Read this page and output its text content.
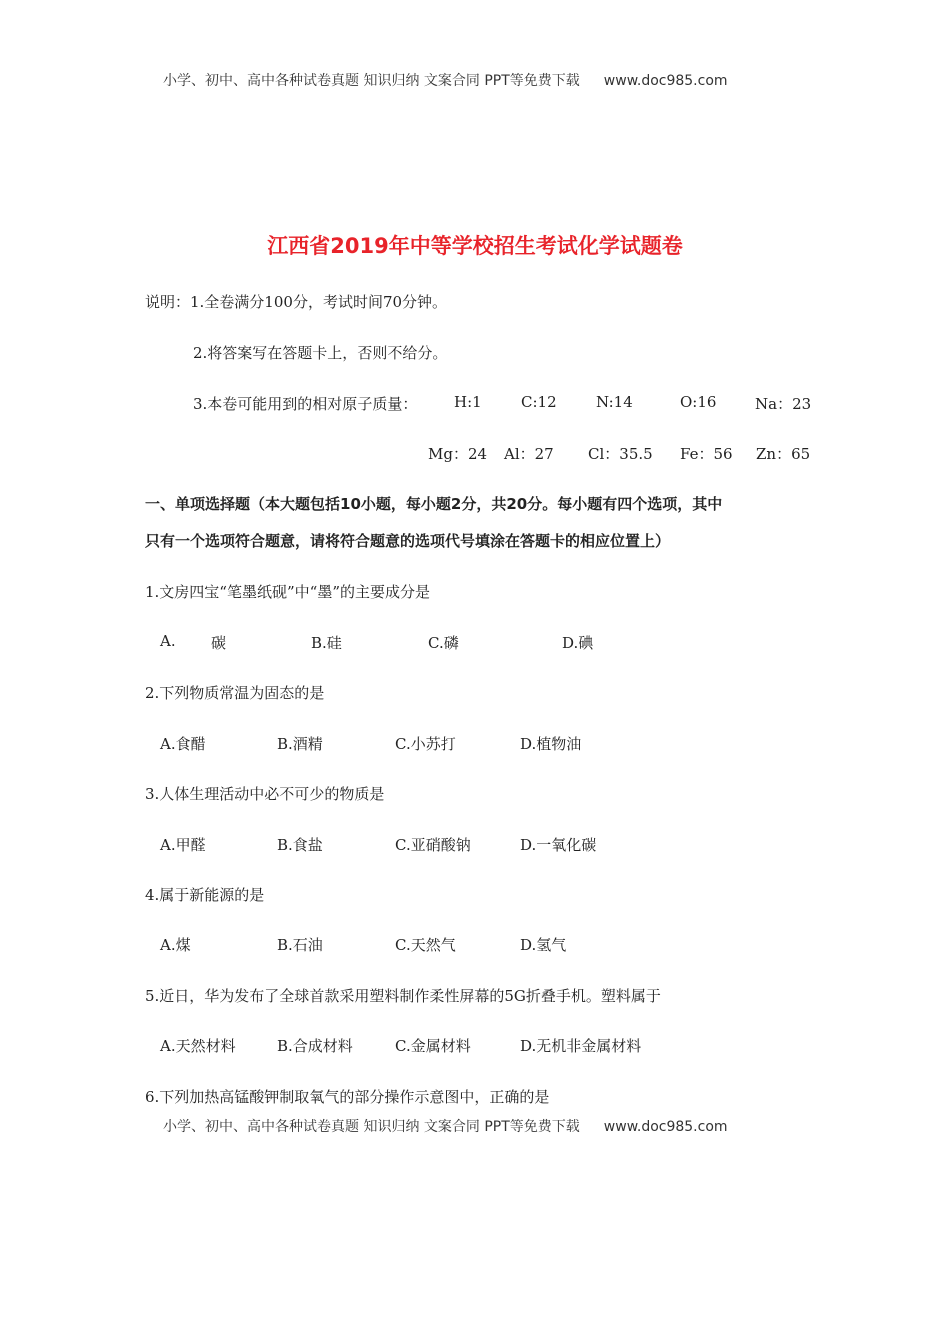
小学、初中、高中各种试卷真题 知识归纳 文案合同 PPT等免费下载 www.doc985.com
江西省2019年中等学校招生考试化学试题卷
说明：1.全卷满分100分，考试时间70分钟。
2.将答案写在答题卡上，否则不给分。
3.本卷可能用到的相对原子质量： H:1	C:12	N:14	O:16	Na：23
Mg：24 Al：27 Cl：35.5 Fe：56 Zn：65
一、单项选择题（本大题包括10小题，每小题2分，共20分。每小题有四个选项，其中
只有一个选项符合题意，请将符合题意的选项代号填涂在答题卡的相应位置上）
1.文房四宝“笔墨纸砚”中“墨”的主要成分是
A. 碳	B.硅	C.磷	D.碘
2.下列物质常温为固态的是
A.食醋	B.酒精	C.小苏打	D.植物油
3.人体生理活动中必不可少的物质是
A.甲醛	B.食盐	C.亚硝酸钠	D.一氧化碳
4.属于新能源的是
A.煤	B.石油	C.天然气	D.氢气
5.近日，华为发布了全球首款采用塑料制作柔性屏幕的5G折叠手机。塑料属于
A.天然材料	B.合成材料	C.金属材料	D.无机非金属材料
6.下列加热高锰酸钾制取氧气的部分操作示意图中，正确的是
小学、初中、高中各种试卷真题 知识归纳 文案合同 PPT等免费下载 www.doc985.com
